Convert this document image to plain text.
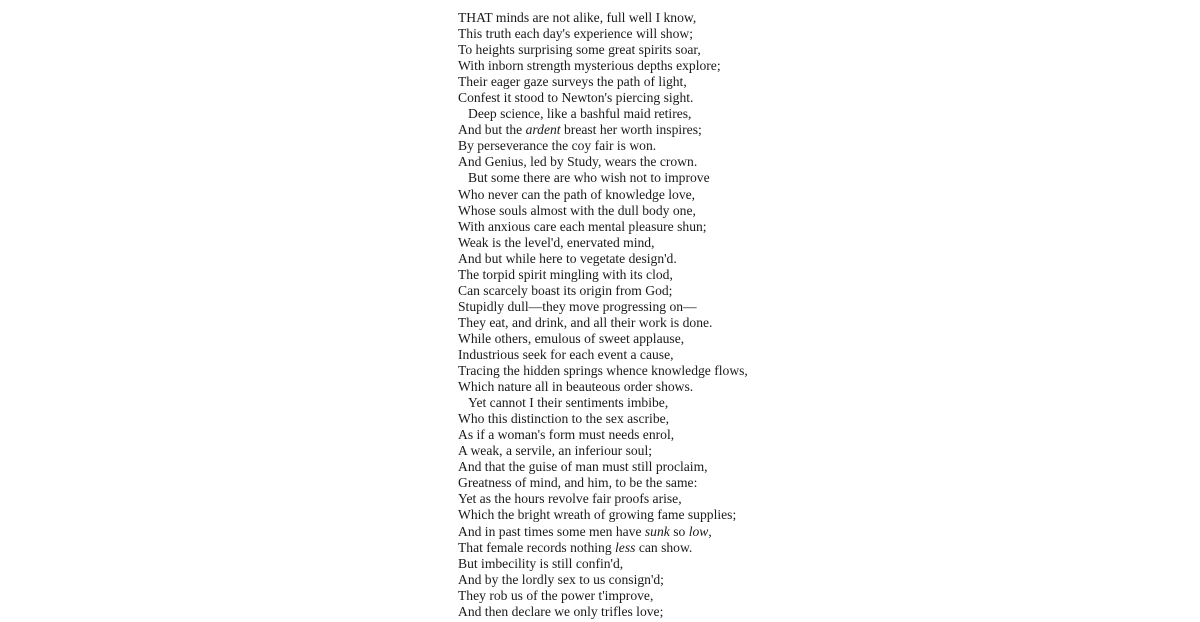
THAT minds are not alike, full well I know,
This truth each day's experience will show;
To heights surprising some great spirits soar,
With inborn strength mysterious depths explore;
Their eager gaze surveys the path of light,
Confest it stood to Newton's piercing sight.
Deep science, like a bashful maid retires,
And but the ardent breast her worth inspires;
By perseverance the coy fair is won.
And Genius, led by Study, wears the crown.
But some there are who wish not to improve
Who never can the path of knowledge love,
Whose souls almost with the dull body one,
With anxious care each mental pleasure shun;
Weak is the level'd, enervated mind,
And but while here to vegetate design'd.
The torpid spirit mingling with its clod,
Can scarcely boast its origin from God;
Stupidly dull—they move progressing on—
They eat, and drink, and all their work is done.
While others, emulous of sweet applause,
Industrious seek for each event a cause,
Tracing the hidden springs whence knowledge flows,
Which nature all in beauteous order shows.
Yet cannot I their sentiments imbibe,
Who this distinction to the sex ascribe,
As if a woman's form must needs enrol,
A weak, a servile, an inferiour soul;
And that the guise of man must still proclaim,
Greatness of mind, and him, to be the same:
Yet as the hours revolve fair proofs arise,
Which the bright wreath of growing fame supplies;
And in past times some men have sunk so low,
That female records nothing less can show.
But imbecility is still confin'd,
And by the lordly sex to us consign'd;
They rob us of the power t'improve,
And then declare we only trifles love;
